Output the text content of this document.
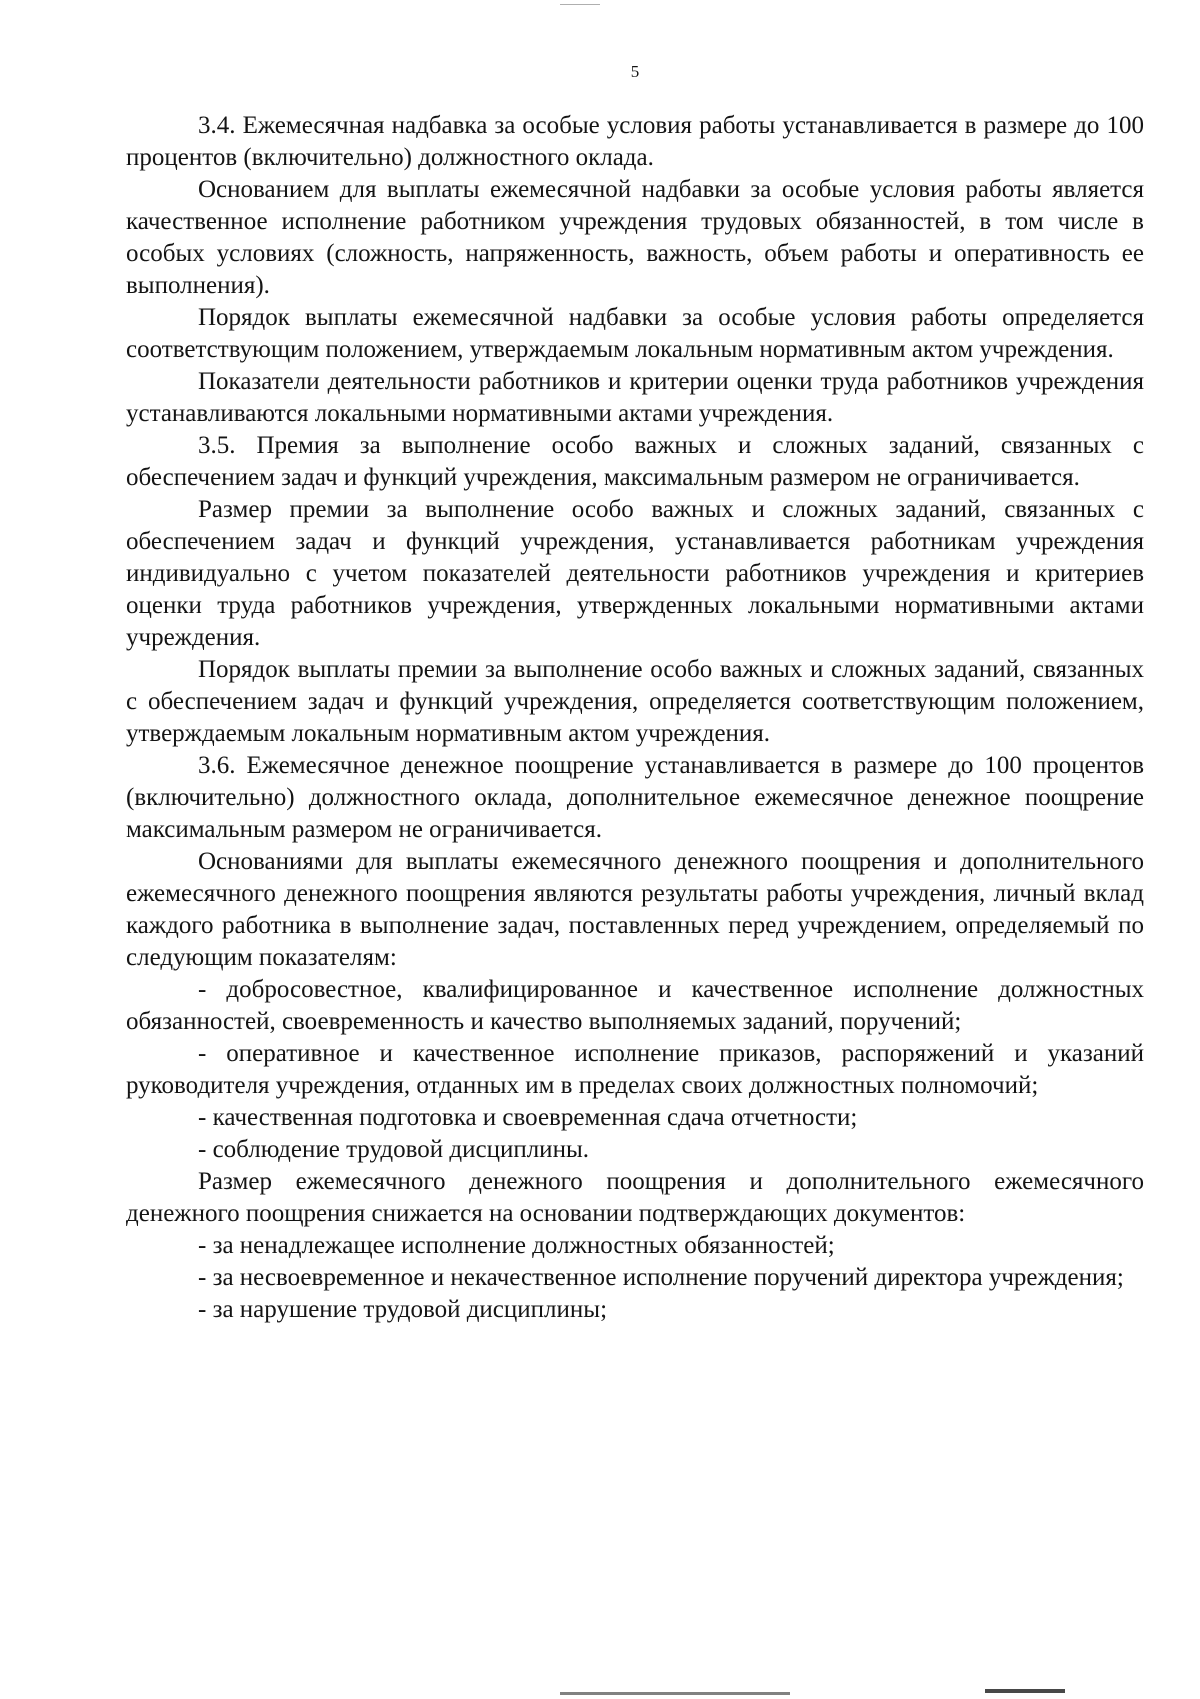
5

3.4. Ежемесячная надбавка за особые условия работы устанавливается в размере до 100 процентов (включительно) должностного оклада.

Основанием для выплаты ежемесячной надбавки за особые условия работы является качественное исполнение работником учреждения трудовых обязанностей, в том числе в особых условиях (сложность, напряженность, важность, объем работы и оперативность ее выполнения).

Порядок выплаты ежемесячной надбавки за особые условия работы определяется соответствующим положением, утверждаемым локальным нормативным актом учреждения.

Показатели деятельности работников и критерии оценки труда работников учреждения устанавливаются локальными нормативными актами учреждения.

3.5. Премия за выполнение особо важных и сложных заданий, связанных с обеспечением задач и функций учреждения, максимальным размером не ограничивается.

Размер премии за выполнение особо важных и сложных заданий, связанных с обеспечением задач и функций учреждения, устанавливается работникам учреждения индивидуально с учетом показателей деятельности работников учреждения и критериев оценки труда работников учреждения, утвержденных локальными нормативными актами учреждения.

Порядок выплаты премии за выполнение особо важных и сложных заданий, связанных с обеспечением задач и функций учреждения, определяется соответствующим положением, утверждаемым локальным нормативным актом учреждения.

3.6. Ежемесячное денежное поощрение устанавливается в размере до 100 процентов (включительно) должностного оклада, дополнительное ежемесячное денежное поощрение максимальным размером не ограничивается.

Основаниями для выплаты ежемесячного денежного поощрения и дополнительного ежемесячного денежного поощрения являются результаты работы учреждения, личный вклад каждого работника в выполнение задач, поставленных перед учреждением, определяемый по следующим показателям:

- добросовестное, квалифицированное и качественное исполнение должностных обязанностей, своевременность и качество выполняемых заданий, поручений;

- оперативное и качественное исполнение приказов, распоряжений и указаний руководителя учреждения, отданных им в пределах своих должностных полномочий;

- качественная подготовка и своевременная сдача отчетности;

- соблюдение трудовой дисциплины.

Размер ежемесячного денежного поощрения и дополнительного ежемесячного денежного поощрения снижается на основании подтверждающих документов:

- за ненадлежащее исполнение должностных обязанностей;

- за несвоевременное и некачественное исполнение поручений директора учреждения;

- за нарушение трудовой дисциплины;
